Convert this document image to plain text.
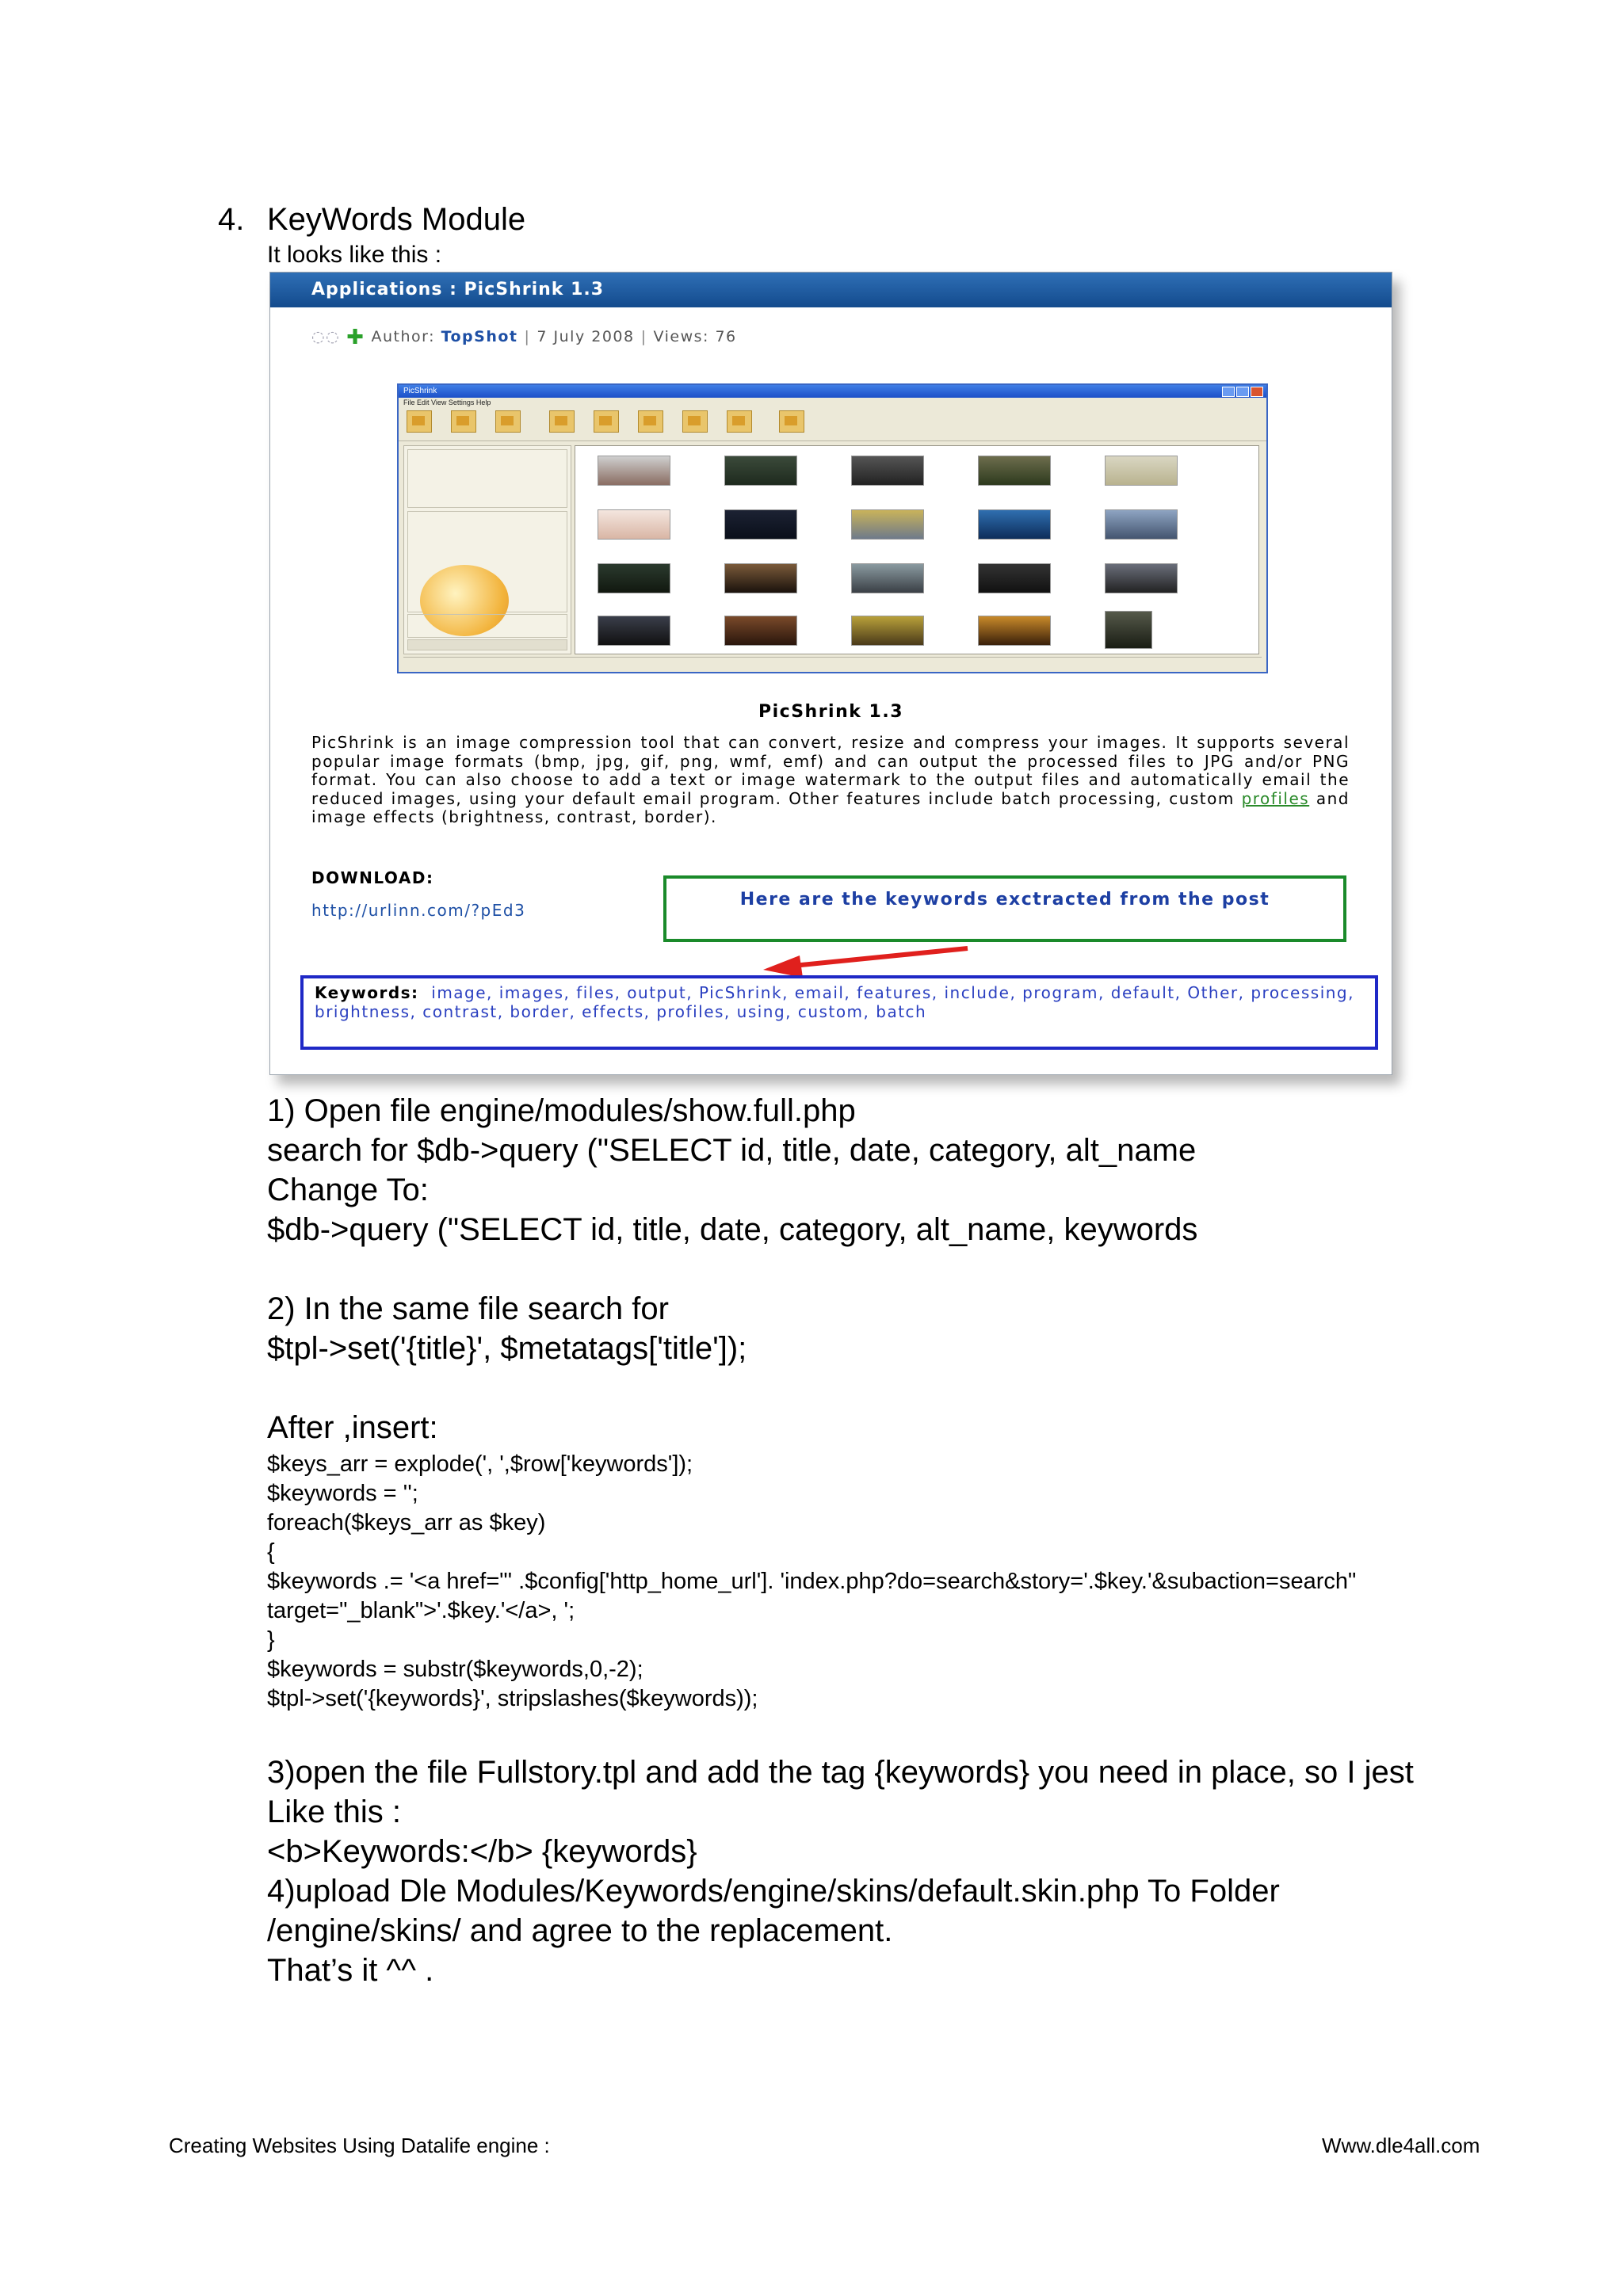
4. KeyWords Module
It looks like this :
Applications : PicShrink 1.3
◌◌ ✚ Author: TopShot | 7 July 2008 | Views: 76
PicShrink
File Edit View Settings Help
PicShrink 1.3
PicShrink is an image compression tool that can convert, resize and compress your images. It supports several popular image formats (bmp, jpg, gif, png, wmf, emf) and can output the processed files to JPG and/or PNG format. You can also choose to add a text or image watermark to the output files and automatically email the reduced images, using your default email program. Other features include batch processing, custom profiles and image effects (brightness, contrast, border).
DOWNLOAD:
http://urlinn.com/?pEd3
Here are the keywords exctracted from the post
Keywords: image, images, files, output, PicShrink, email, features, include, program, default, Other, processing, brightness, contrast, border, effects, profiles, using, custom, batch
1) Open file engine/modules/show.full.php
search for $db->query ("SELECT id, title, date, category, alt_name
Change To:
$db->query ("SELECT id, title, date, category, alt_name, keywords
2) In the same file search for
$tpl->set('{title}', $metatags['title']);
After ,insert:
$keys_arr = explode(', ',$row['keywords']);
$keywords = '';
foreach($keys_arr as $key)
{
$keywords .= '<a href="' .$config['http_home_url']. 'index.php?do=search&story='.$key.'&subaction=search"
target="_blank">'.$key.'</a>, ';
}
$keywords = substr($keywords,0,-2);
$tpl->set('{keywords}', stripslashes($keywords));
3)open the file Fullstory.tpl and add the tag {keywords} you need in place, so I jest
Like this :
<b>Keywords:</b> {keywords}
4)upload Dle Modules/Keywords/engine/skins/default.skin.php To Folder
/engine/skins/ and agree to the replacement.
That’s it ^^ .
Creating Websites Using Datalife engine :	Www.dle4all.com
